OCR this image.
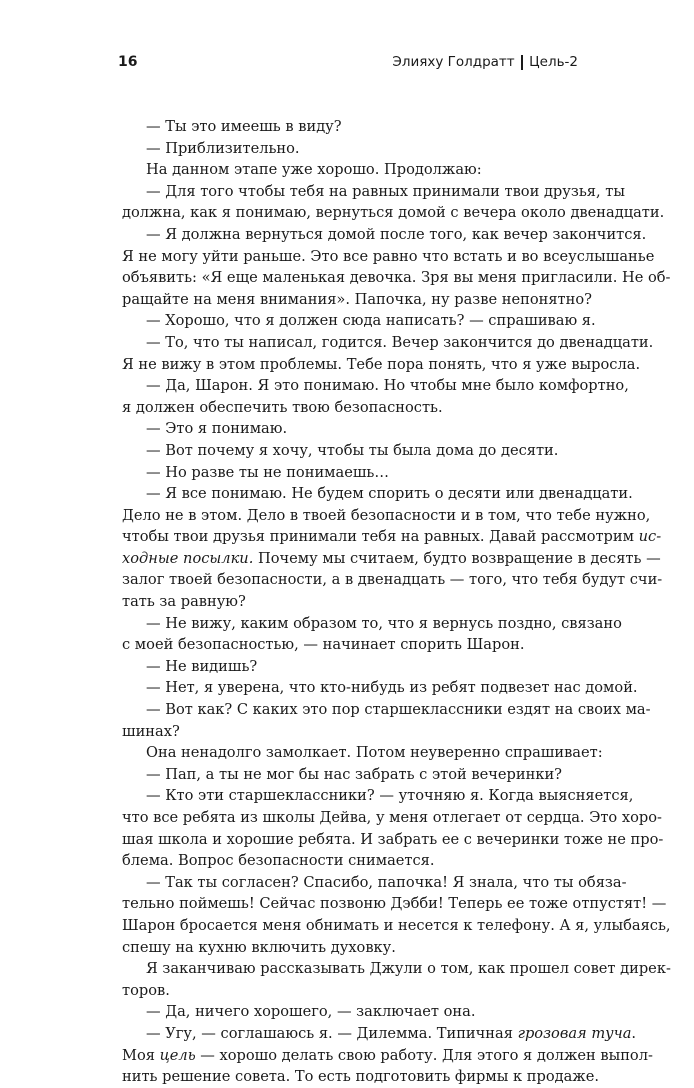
16	Элияху Голдратт Цель-2
— Ты это имеешь в виду?
— Приблизительно.
На данном этапе уже хорошо. Продолжаю:
— Для того чтобы тебя на равных принимали твои друзья, ты
должна, как я понимаю, вернуться домой с вечера около двенадцати.
— Я должна вернуться домой после того, как вечер закончится.
Я не могу уйти раньше. Это все равно что встать и во всеуслышанье
объявить: «Я еще маленькая девочка. Зря вы меня пригласили. Не об-
ращайте на меня внимания». Папочка, ну разве непонятно?
— Хорошо, что я должен сюда написать? — спрашиваю я.
— То, что ты написал, годится. Вечер закончится до двенадцати.
Я не вижу в этом проблемы. Тебе пора понять, что я уже выросла.
— Да, Шарон. Я это понимаю. Но чтобы мне было комфортно,
я должен обеспечить твою безопасность.
— Это я понимаю.
— Вот почему я хочу, чтобы ты была дома до десяти.
— Но разве ты не понимаешь…
— Я все понимаю. Не будем спорить о десяти или двенадцати.
Дело не в этом. Дело в твоей безопасности и в том, что тебе нужно,
чтобы твои друзья принимали тебя на равных. Давай рассмотрим ис-
ходные посылки. Почему мы считаем, будто возвращение в десять —
залог твоей безопасности, а в двенадцать — того, что тебя будут счи-
тать за равную?
— Не вижу, каким образом то, что я вернусь поздно, связано
с моей безопасностью, — начинает спорить Шарон.
— Не видишь?
— Нет, я уверена, что кто-нибудь из ребят подвезет нас домой.
— Вот как? С каких это пор старшеклассники ездят на своих ма-
шинах?
Она ненадолго замолкает. Потом неуверенно спрашивает:
— Пап, а ты не мог бы нас забрать с этой вечеринки?
— Кто эти старшеклассники? — уточняю я. Когда выясняется,
что все ребята из школы Дейва, у меня отлегает от сердца. Это хоро-
шая школа и хорошие ребята. И забрать ее с вечеринки тоже не про-
блема. Вопрос безопасности снимается.
— Так ты согласен? Спасибо, папочка! Я знала, что ты обяза-
тельно поймешь! Сейчас позвоню Дэбби! Теперь ее тоже отпустят! —
Шарон бросается меня обнимать и несется к телефону. А я, улыбаясь,
спешу на кухню включить духовку.
Я заканчиваю рассказывать Джули о том, как прошел совет дирек-
торов.
— Да, ничего хорошего, — заключает она.
— Угу, — соглашаюсь я. — Дилемма. Типичная грозовая туча.
Моя цель — хорошо делать свою работу. Для этого я должен выпол-
нить решение совета. То есть подготовить фирмы к продаже.
